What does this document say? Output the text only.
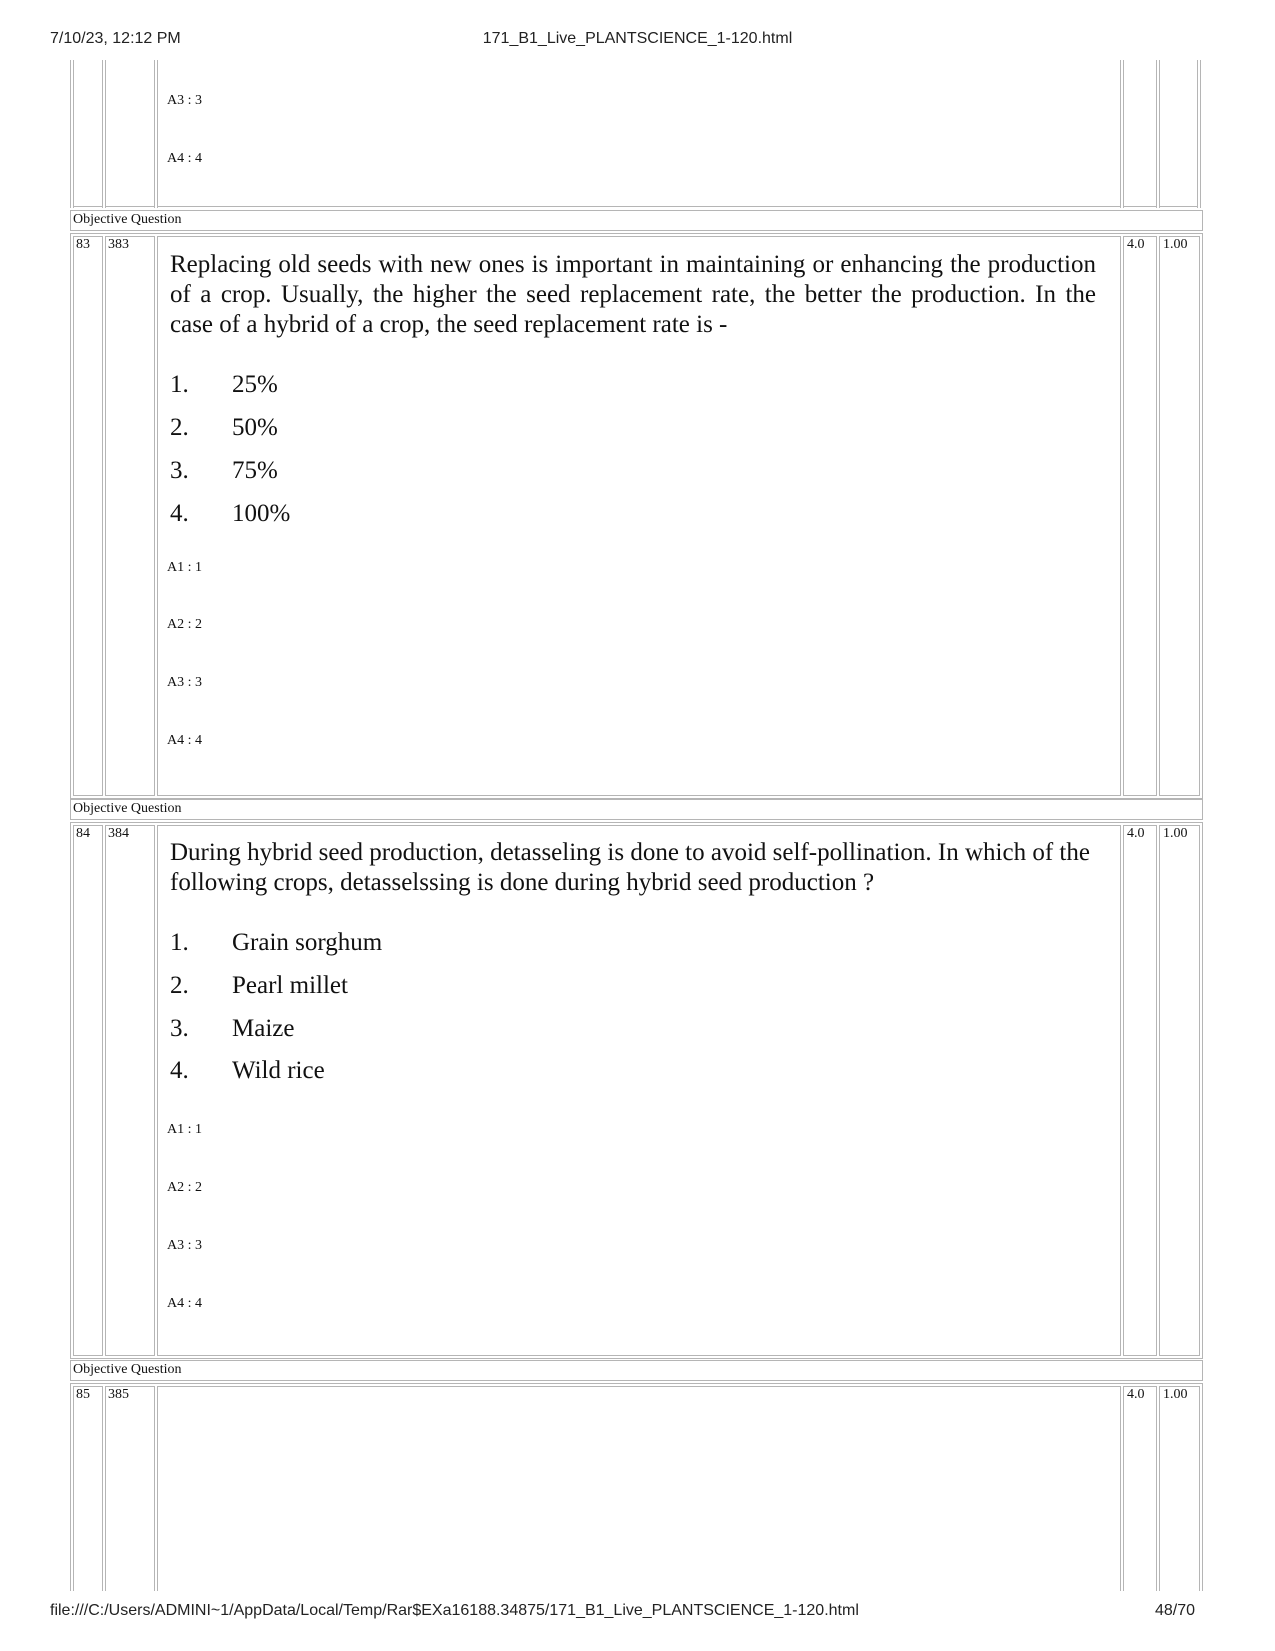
7/10/23, 12:12 PM	171_B1_Live_PLANTSCIENCE_1-120.html
A3 : 3
A4 : 4
Objective Question
83 383	4.0 1.00
Replacing old seeds with new ones is important in maintaining or enhancing the production of a crop. Usually, the higher the seed replacement rate, the better the production. In the case of a hybrid of a crop, the seed replacement rate is -
1. 25%
2. 50%
3. 75%
4. 100%
A1 : 1
A2 : 2
A3 : 3
A4 : 4
Objective Question
84 384	4.0 1.00
During hybrid seed production, detasseling is done to avoid self-pollination. In which of the following crops, detasselssing is done during hybrid seed production ?
1. Grain sorghum
2. Pearl millet
3. Maize
4. Wild rice
A1 : 1
A2 : 2
A3 : 3
A4 : 4
Objective Question
85 385	4.0 1.00
file:///C:/Users/ADMINI~1/AppData/Local/Temp/Rar$EXa16188.34875/171_B1_Live_PLANTSCIENCE_1-120.html	48/70
